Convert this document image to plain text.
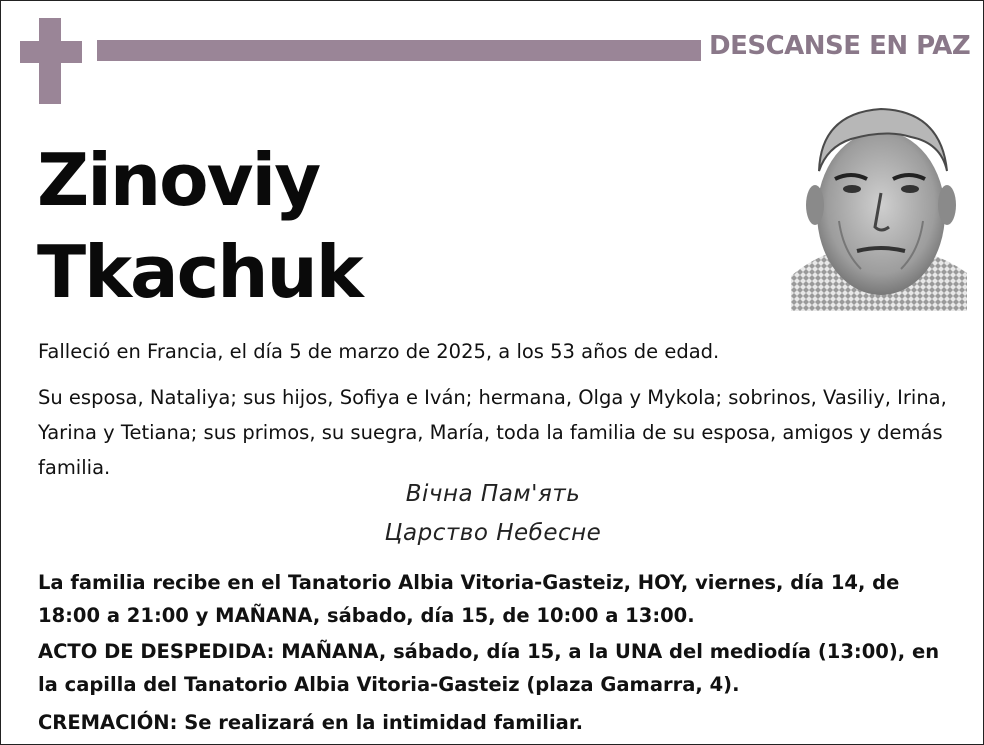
DESCANSE EN PAZ
Zinoviy
Tkachuk
Falleció en Francia, el día 5 de marzo de 2025, a los 53 años de edad.
Su esposa, Nataliya; sus hijos, Sofiya e Iván; hermana, Olga y Mykola; sobrinos, Vasiliy, Irina, Yarina y Tetiana; sus primos, su suegra, María, toda la familia de su esposa, amigos y demás familia.
Вічна Пам'ять
Царство Небесне
La familia recibe en el Tanatorio Albia Vitoria-Gasteiz, HOY, viernes, día 14, de 18:00 a 21:00 y MAÑANA, sábado, día 15, de 10:00 a 13:00.
ACTO DE DESPEDIDA: MAÑANA, sábado, día 15, a la UNA del mediodía (13:00), en la capilla del Tanatorio Albia Vitoria-Gasteiz (plaza Gamarra, 4).
CREMACIÓN: Se realizará en la intimidad familiar.
